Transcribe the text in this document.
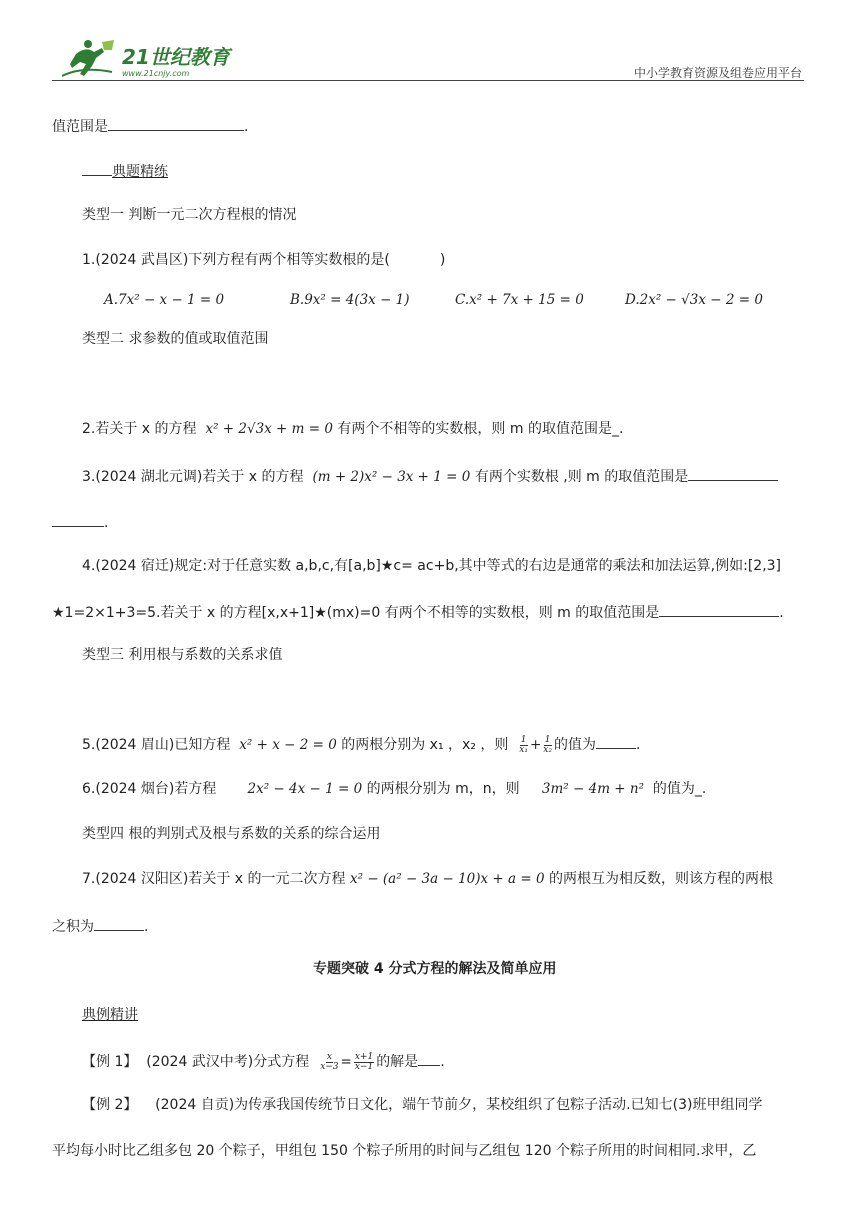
21世纪教育
www.21cnjy.com	中小学教育资源及组卷应用平台
值范围是	.
典题精练
类型一 判断一元二次方程根的情况
1.(2024 武昌区)下列方程有两个相等实数根的是(	)
A.7x² − x − 1 = 0	B.9x² = 4(3x − 1)	C.x² + 7x + 15 = 0	D.2x² − √3x − 2 = 0
类型二 求参数的值或取值范围
2.若关于 x 的方程 x² + 2√3x + m = 0 有两个不相等的实数根，则 m 的取值范围是_.
3.(2024 湖北元调)若关于 x 的方程 (m + 2)x² − 3x + 1 = 0 有两个实数根 ,则 m 的取值范围是
.
4.(2024 宿迁)规定:对于任意实数 a,b,c,有[a,b]★c= ac+b,其中等式的右边是通常的乘法和加法运算,例如:[2,3]
★1=2×1+3=5.若关于 x 的方程[x,x+1]★(mx)=0 有两个不相等的实数根，则 m 的取值范围是	.
类型三 利用根与系数的关系求值
5.(2024 眉山)已知方程 x² + x − 2 = 0 的两根分别为 x₁ ，x₂ ，则 $\frac{1}{\text{x₁}} + \frac{1}{\text{x₂}}$ 的值为	.
6.(2024 烟台)若方程 2x² − 4x − 1 = 0 的两根分别为 m，n，则 3m² − 4m + n² 的值为_.
类型四 根的判别式及根与系数的关系的综合运用
7.(2024 汉阳区)若关于 x 的一元二次方程 x² − (a² − 3a − 10)x + a = 0 的两根互为相反数，则该方程的两根
之积为	.
专题突破 4 分式方程的解法及简单应用
典例精讲
【例 1】 (2024 武汉中考)分式方程 $\frac{x}{x-3} = \frac{x+1}{x-1}$ 的解是 .
【例 2】 (2024 自贡)为传承我国传统节日文化，端午节前夕，某校组织了包粽子活动.已知七(3)班甲组同学
平均每小时比乙组多包 20 个粽子，甲组包 150 个粽子所用的时间与乙组包 120 个粽子所用的时间相同.求甲，乙
